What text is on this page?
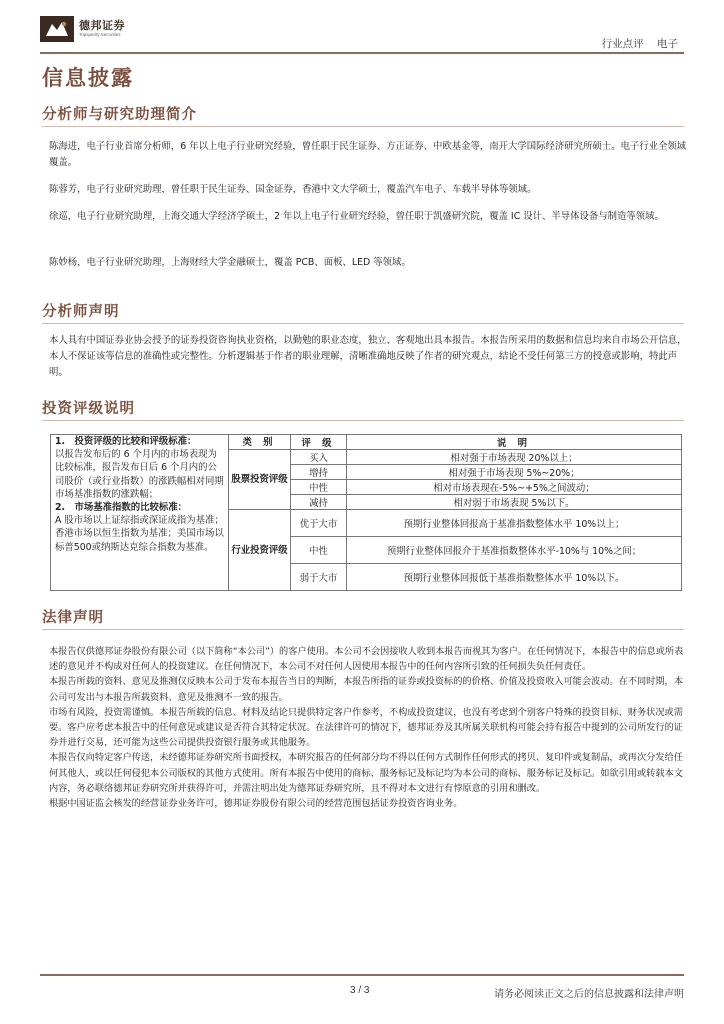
德邦证券
Topsperity Securities
行业点评 电子
信息披露
分析师与研究助理简介
陈海进，电子行业首席分析师，6 年以上电子行业研究经验，曾任职于民生证券、方正证券、中欧基金等，南开大学国际经济研究所硕士。电子行业全领域覆盖。
陈蓉芳，电子行业研究助理，曾任职于民生证券、国金证券，香港中文大学硕士，覆盖汽车电子、车载半导体等领域。
徐巡，电子行业研究助理，上海交通大学经济学硕士，2 年以上电子行业研究经验，曾任职于凯盛研究院，覆盖 IC 设计、半导体设备与制造等领域。
陈妙杨，电子行业研究助理，上海财经大学金融硕士，覆盖 PCB、面板、LED 等领域。
分析师声明
本人具有中国证券业协会授予的证券投资咨询执业资格，以勤勉的职业态度，独立、客观地出具本报告。本报告所采用的数据和信息均来自市场公开信息，本人不保证该等信息的准确性或完整性。分析逻辑基于作者的职业理解，清晰准确地反映了作者的研究观点，结论不受任何第三方的授意或影响，特此声明。
投资评级说明
1.　投资评级的比较和评级标准：
以报告发布后的 6 个月内的市场表现为比较标准，报告发布日后 6 个月内的公司股价（或行业指数）的涨跌幅相对同期市场基准指数的涨跌幅；
2.　市场基准指数的比较标准：
A 股市场以上证综指或深证成指为基准；香港市场以恒生指数为基准；美国市场以标普500或纳斯达克综合指数为基准。	类 别	评 级	说 明
	股票投资评级	买入	相对强于市场表现 20%以上；
		增持	相对强于市场表现 5%~20%；
		中性	相对市场表现在-5%~+5%之间波动；
		减持	相对弱于市场表现 5%以下。
	行业投资评级	优于大市	预期行业整体回报高于基准指数整体水平 10%以上；
		中性	预期行业整体回报介于基准指数整体水平-10%与 10%之间；
		弱于大市	预期行业整体回报低于基准指数整体水平 10%以下。
法律声明

本报告仅供德邦证券股份有限公司（以下简称“本公司”）的客户使用。本公司不会因接收人收到本报告而视其为客户。在任何情况下，本报告中的信息或所表述的意见并不构成对任何人的投资建议。在任何情况下，本公司不对任何人因使用本报告中的任何内容所引致的任何损失负任何责任。

本报告所载的资料、意见及推测仅反映本公司于发布本报告当日的判断，本报告所指的证券或投资标的的价格、价值及投资收入可能会波动。在不同时期，本公司可发出与本报告所载资料、意见及推测不一致的报告。

市场有风险，投资需谨慎。本报告所载的信息、材料及结论只提供特定客户作参考，不构成投资建议，也没有考虑到个别客户特殊的投资目标、财务状况或需要。客户应考虑本报告中的任何意见或建议是否符合其特定状况。在法律许可的情况下，德邦证券及其所属关联机构可能会持有报告中提到的公司所发行的证券并进行交易，还可能为这些公司提供投资银行服务或其他服务。

本报告仅向特定客户传送，未经德邦证券研究所书面授权，本研究报告的任何部分均不得以任何方式制作任何形式的拷贝、复印件或复制品，或再次分发给任何其他人，或以任何侵犯本公司版权的其他方式使用。所有本报告中使用的商标、服务标记及标记均为本公司的商标、服务标记及标记。如欲引用或转载本文内容，务必联络德邦证券研究所并获得许可，并需注明出处为德邦证券研究所，且不得对本文进行有悖原意的引用和删改。

根据中国证监会核发的经营证券业务许可，德邦证券股份有限公司的经营范围包括证券投资咨询业务。

3 / 3	请务必阅读正文之后的信息披露和法律声明
